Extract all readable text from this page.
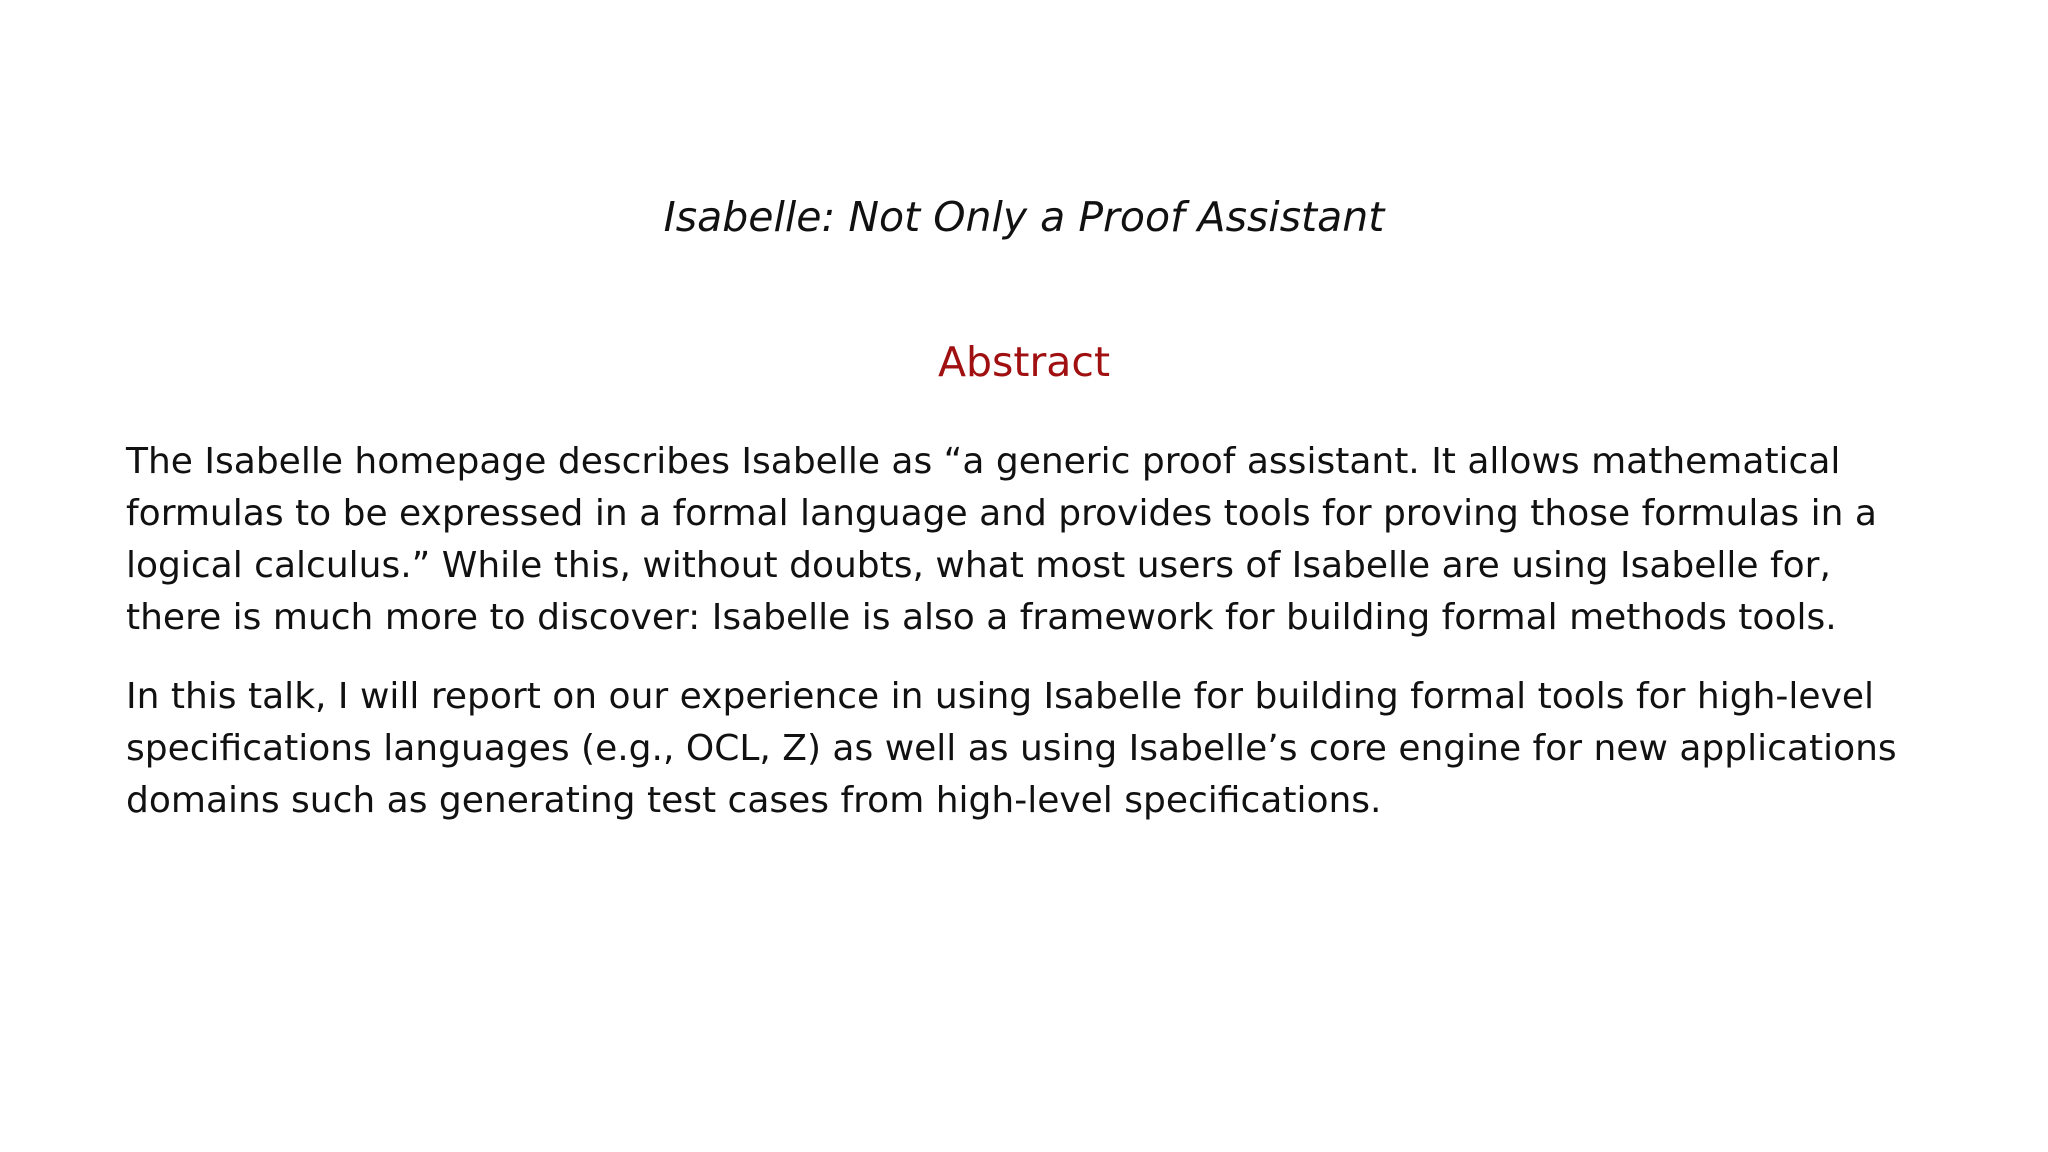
Isabelle: Not Only a Proof Assistant
Abstract

The Isabelle homepage describes Isabelle as “a generic proof assistant. It allows mathematical
formulas to be expressed in a formal language and provides tools for proving those formulas in a
logical calculus.” While this, without doubts, what most users of Isabelle are using Isabelle for,
there is much more to discover: Isabelle is also a framework for building formal methods tools.

In this talk, I will report on our experience in using Isabelle for building formal tools for high-level
specifications languages (e.g., OCL, Z) as well as using Isabelle’s core engine for new applications
domains such as generating test cases from high-level specifications.
